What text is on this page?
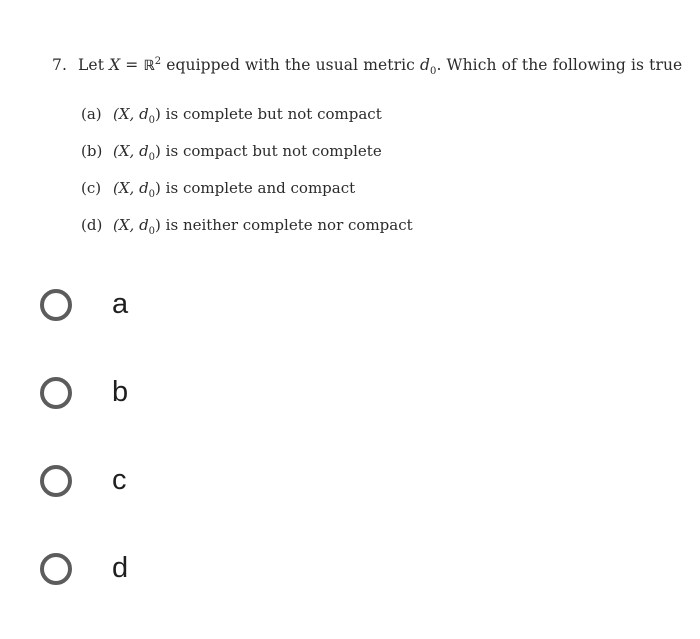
7. Let X = ℝ$^2$ equipped with the usual metric $d_0$. Which of the following is true
(a) (X, $d_0$) is complete but not compact
(b) (X, $d_0$) is compact but not complete
(c) (X, $d_0$) is complete and compact
(d) (X, $d_0$) is neither complete nor compact
a
b
c
d
